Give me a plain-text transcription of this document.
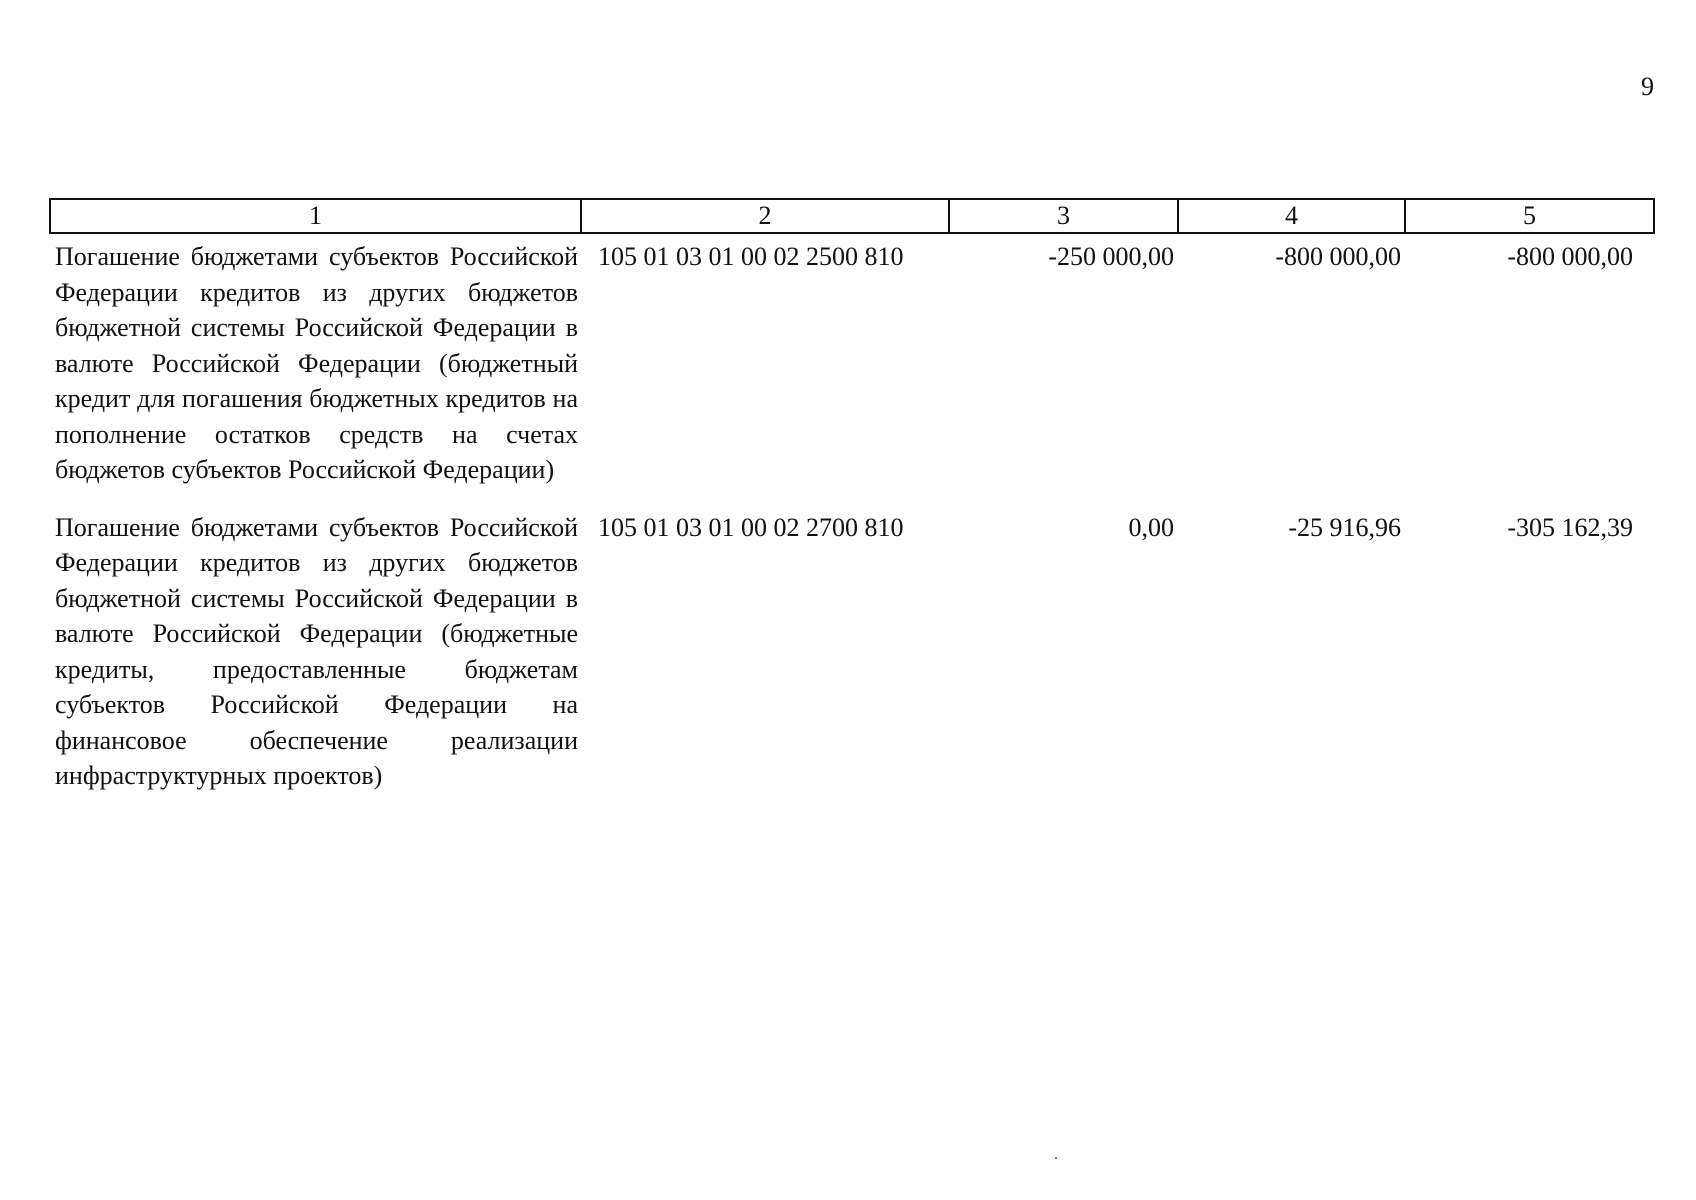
9
1	2	3	4	5
Погашение бюджетами субъектов Российской Федерации кредитов из других бюджетов бюджетной системы Российской Федерации в валюте Российской Федерации (бюджетный кредит для погашения бюджетных кредитов на пополнение остатков средств на счетах бюджетов субъектов Российской Федерации)	105 01 03 01 00 02 2500 810	-250 000,00	-800 000,00	-800 000,00
Погашение бюджетами субъектов Российской Федерации кредитов из других бюджетов бюджетной системы Российской Федерации в валюте Российской Федерации (бюджетные кредиты, предоставленные бюджетам субъектов Российской Федерации на финансовое обеспечение реализации инфраструктурных проектов)	105 01 03 01 00 02 2700 810	0,00	-25 916,96	-305 162,39
